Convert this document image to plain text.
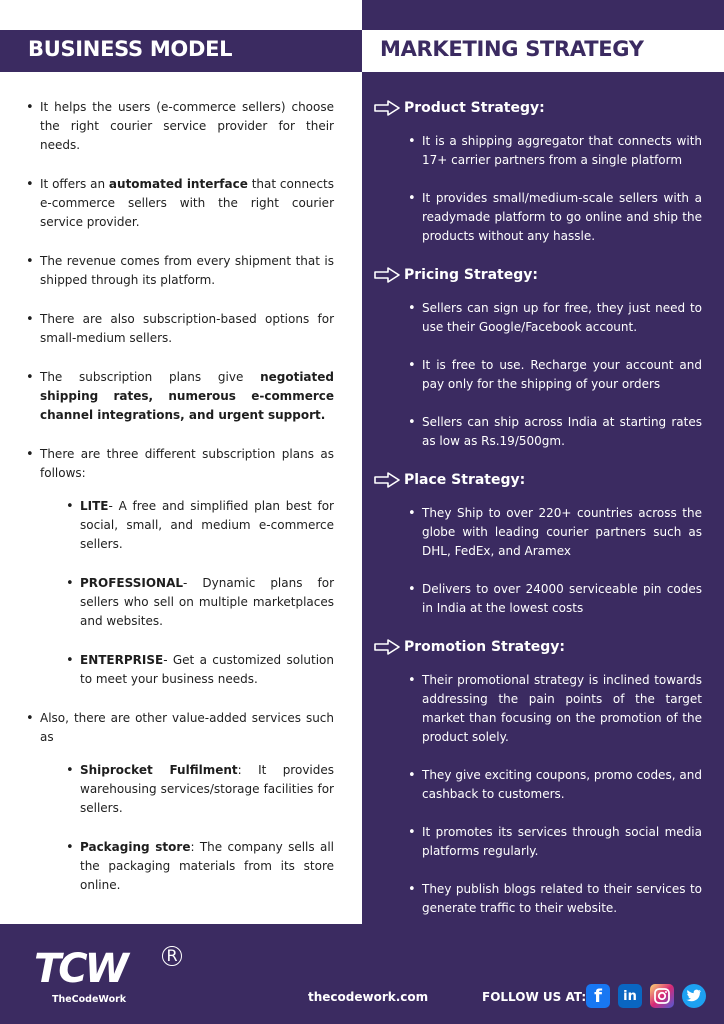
BUSINESS MODEL	MARKETING STRATEGY
• It helps the users (e-commerce sellers) choose the right courier service provider for their needs.
• It offers an automated interface that connects e-commerce sellers with the right courier service provider.
• The revenue comes from every shipment that is shipped through its platform.
• There are also subscription-based options for small-medium sellers.
• The subscription plans give negotiated shipping rates, numerous e-commerce channel integrations, and urgent support.
• There are three different subscription plans as follows:
• LITE- A free and simplified plan best for social, small, and medium e-commerce sellers.
• PROFESSIONAL- Dynamic plans for sellers who sell on multiple marketplaces and websites.
• ENTERPRISE- Get a customized solution to meet your business needs.
• Also, there are other value-added services such as
• Shiprocket Fulfilment: It provides warehousing services/storage facilities for sellers.
• Packaging store: The company sells all the packaging materials from its store online.
Product Strategy:
• It is a shipping aggregator that connects with 17+ carrier partners from a single platform
• It provides small/medium-scale sellers with a readymade platform to go online and ship the products without any hassle.
Pricing Strategy:
• Sellers can sign up for free, they just need to use their Google/Facebook account.
• It is free to use. Recharge your account and pay only for the shipping of your orders
• Sellers can ship across India at starting rates as low as Rs.19/500gm.
Place Strategy:
• They Ship to over 220+ countries across the globe with leading courier partners such as DHL, FedEx, and Aramex
• Delivers to over 24000 serviceable pin codes in India at the lowest costs
Promotion Strategy:
• Their promotional strategy is inclined towards addressing the pain points of the target market than focusing on the promotion of the product solely.
• They give exciting coupons, promo codes, and cashback to customers.
• It promotes its services through social media platforms regularly.
• They publish blogs related to their services to generate traffic to their website.
TCW	R
TheCodeWork	thecodework.com	FOLLOW US AT: f	in
